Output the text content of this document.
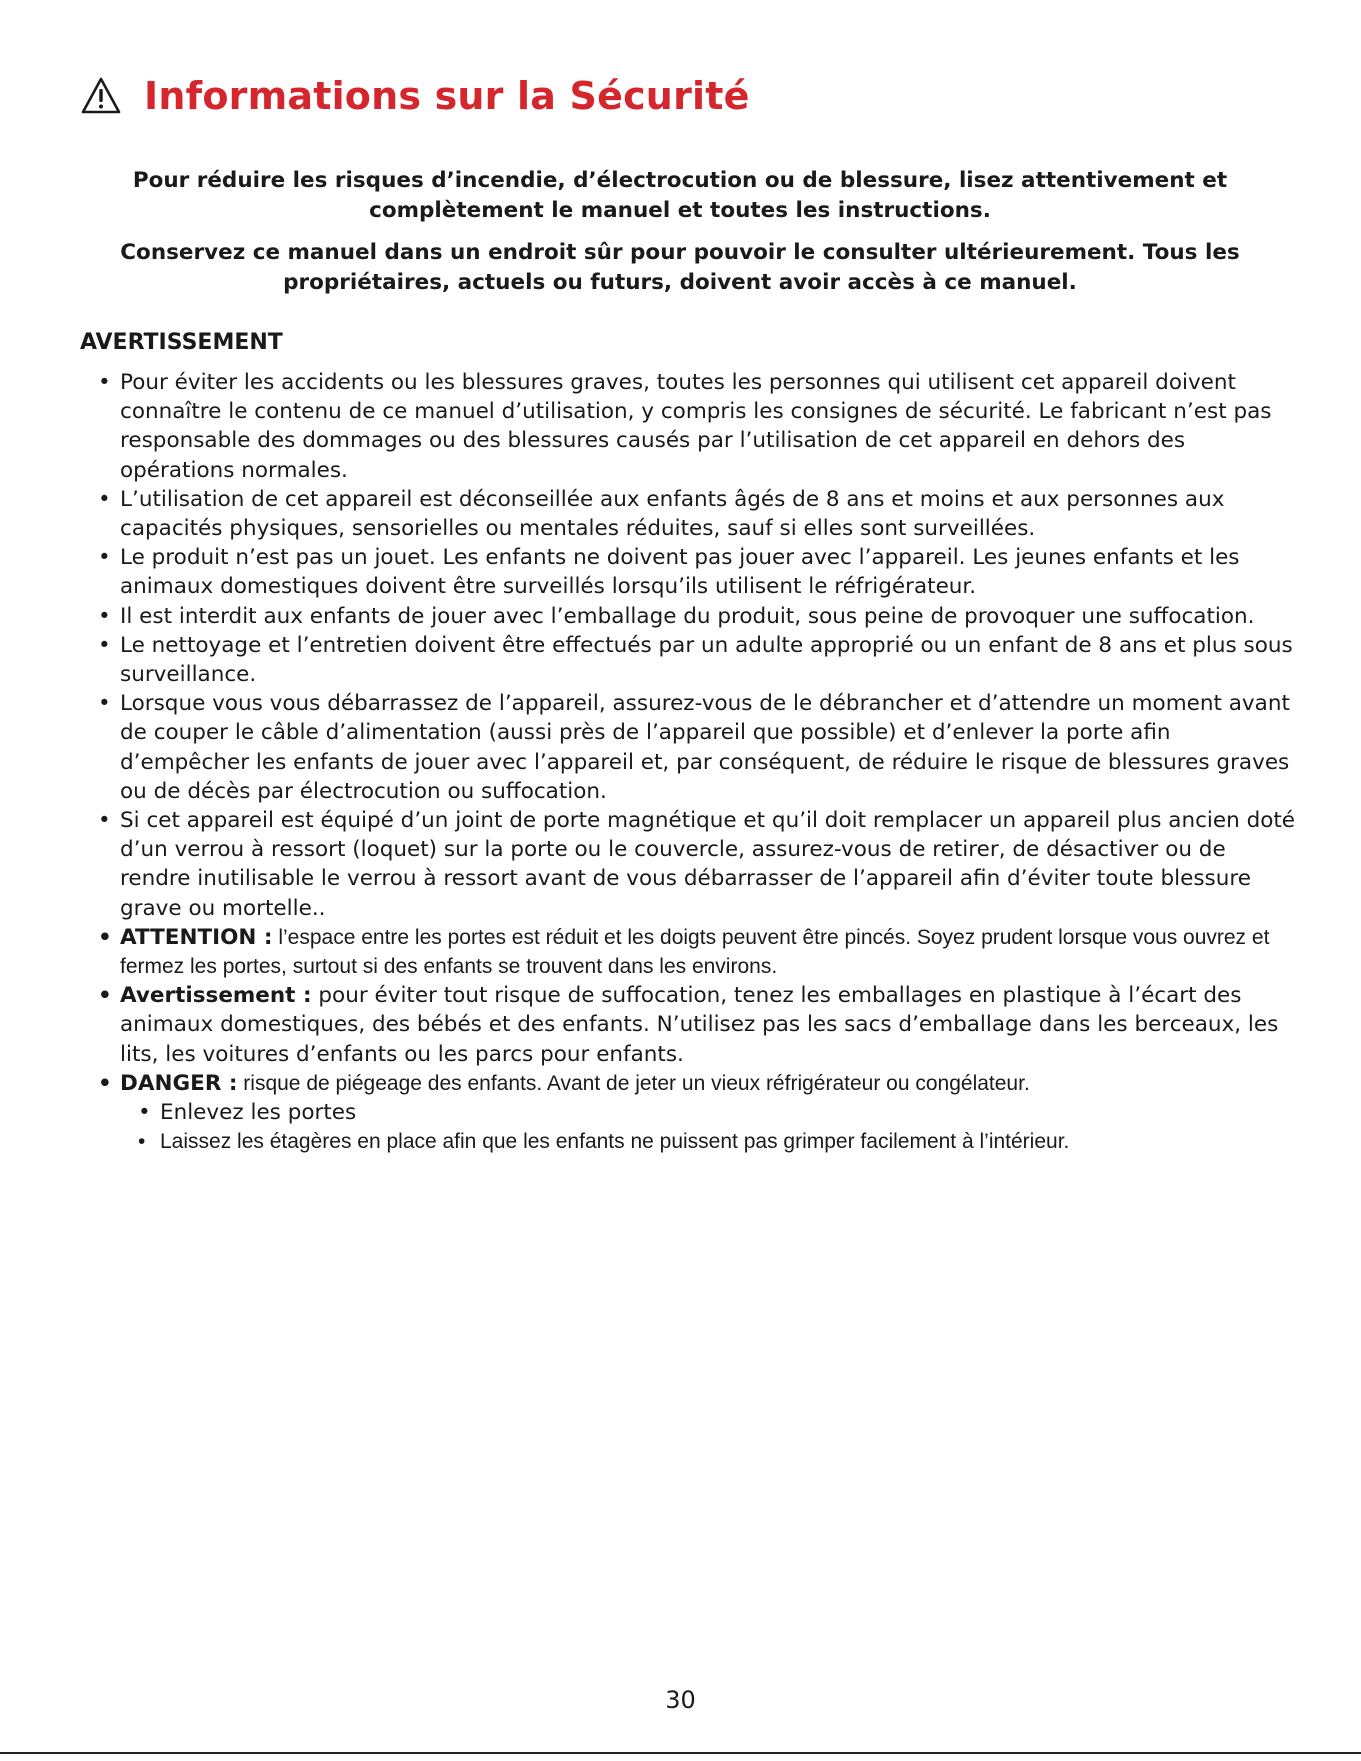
Informations sur la Sécurité
Pour réduire les risques d’incendie, d’électrocution ou de blessure, lisez attentivement et complètement le manuel et toutes les instructions.
Conservez ce manuel dans un endroit sûr pour pouvoir le consulter ultérieurement. Tous les propriétaires, actuels ou futurs, doivent avoir accès à ce manuel.
AVERTISSEMENT
• Pour éviter les accidents ou les blessures graves, toutes les personnes qui utilisent cet appareil doivent connaître le contenu de ce manuel d’utilisation, y compris les consignes de sécurité. Le fabricant n’est pas responsable des dommages ou des blessures causés par l’utilisation de cet appareil en dehors des opérations normales.
• L’utilisation de cet appareil est déconseillée aux enfants âgés de 8 ans et moins et aux personnes aux capacités physiques, sensorielles ou mentales réduites, sauf si elles sont surveillées.
• Le produit n’est pas un jouet. Les enfants ne doivent pas jouer avec l’appareil. Les jeunes enfants et les animaux domestiques doivent être surveillés lorsqu’ils utilisent le réfrigérateur.
• Il est interdit aux enfants de jouer avec l’emballage du produit, sous peine de provoquer une suffocation.
• Le nettoyage et l’entretien doivent être effectués par un adulte approprié ou un enfant de 8 ans et plus sous surveillance.
• Lorsque vous vous débarrassez de l’appareil, assurez-vous de le débrancher et d’attendre un moment avant de couper le câble d’alimentation (aussi près de l’appareil que possible) et d’enlever la porte afin d’empêcher les enfants de jouer avec l’appareil et, par conséquent, de réduire le risque de blessures graves ou de décès par électrocution ou suffocation.
• Si cet appareil est équipé d’un joint de porte magnétique et qu’il doit remplacer un appareil plus ancien doté d’un verrou à ressort (loquet) sur la porte ou le couvercle, assurez-vous de retirer, de désactiver ou de rendre inutilisable le verrou à ressort avant de vous débarrasser de l’appareil afin d’éviter toute blessure grave ou mortelle..
• ATTENTION : l’espace entre les portes est réduit et les doigts peuvent être pincés. Soyez prudent lorsque vous ouvrez et fermez les portes, surtout si des enfants se trouvent dans les environs.
• Avertissement : pour éviter tout risque de suffocation, tenez les emballages en plastique à l’écart des animaux domestiques, des bébés et des enfants. N’utilisez pas les sacs d’emballage dans les berceaux, les lits, les voitures d’enfants ou les parcs pour enfants.
• DANGER : risque de piégeage des enfants. Avant de jeter un vieux réfrigérateur ou congélateur.
• Enlevez les portes
• Laissez les étagères en place afin que les enfants ne puissent pas grimper facilement à l’intérieur.
30
